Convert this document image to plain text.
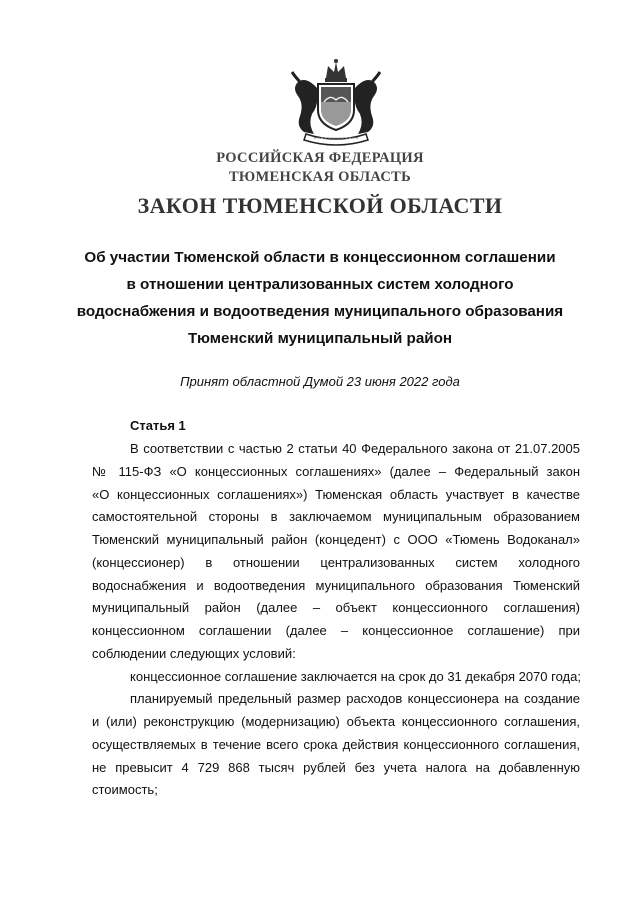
РОССИЙСКАЯ ФЕДЕРАЦИЯ
ТЮМЕНСКАЯ ОБЛАСТЬ
ЗАКОН ТЮМЕНСКОЙ ОБЛАСТИ
Об участии Тюменской области в концессионном соглашении
в отношении централизованных систем холодного
водоснабжения и водоотведения муниципального образования
Тюменский муниципальный район
Принят областной Думой 23 июня 2022 года
Статья 1
В соответствии с частью 2 статьи 40 Федерального закона от 21.07.2005
№ 115-ФЗ «О концессионных соглашениях» (далее – Федеральный закон
«О концессионных соглашениях») Тюменская область участвует в качестве
самостоятельной стороны в заключаемом муниципальным образованием
Тюменский муниципальный район (концедент) с ООО «Тюмень Водоканал»
(концессионер) в отношении централизованных систем холодного
водоснабжения и водоотведения муниципального образования Тюменский
муниципальный район (далее – объект концессионного соглашения)
концессионном соглашении (далее – концессионное соглашение) при
соблюдении следующих условий:
концессионное соглашение заключается на срок до 31 декабря 2070 года;
планируемый предельный размер расходов концессионера на создание
и (или) реконструкцию (модернизацию) объекта концессионного соглашения,
осуществляемых в течение всего срока действия концессионного соглашения,
не превысит 4 729 868 тысяч рублей без учета налога на добавленную
стоимость;
